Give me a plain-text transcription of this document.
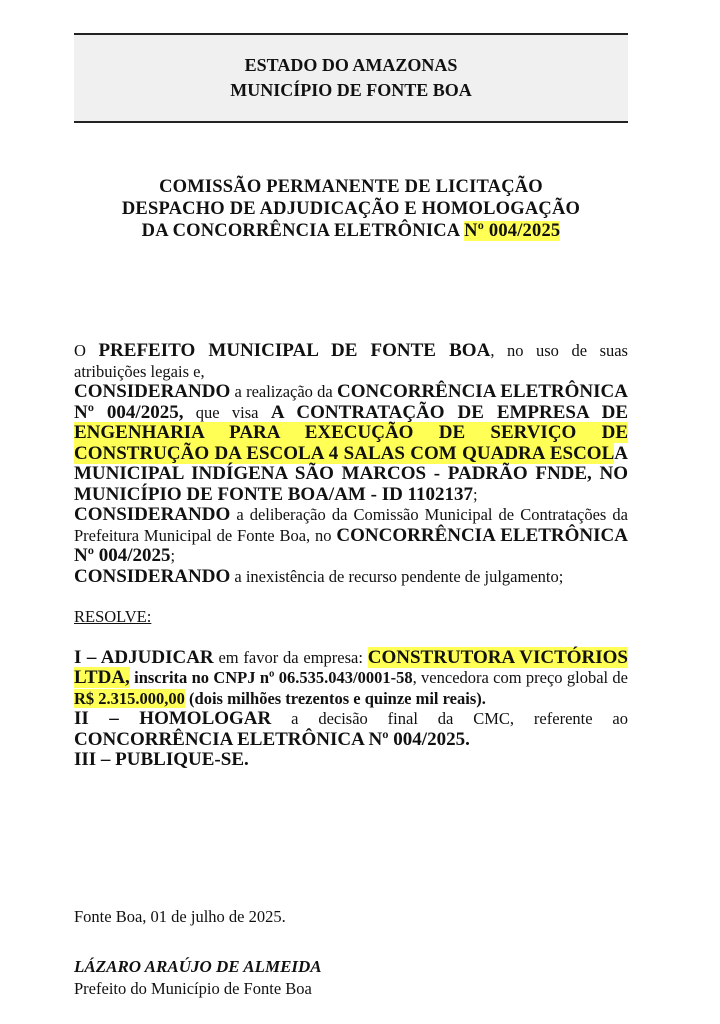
ESTADO DO AMAZONAS
MUNICÍPIO DE FONTE BOA
COMISSÃO PERMANENTE DE LICITAÇÃO
DESPACHO DE ADJUDICAÇÃO E HOMOLOGAÇÃO
DA CONCORRÊNCIA ELETRÔNICA Nº 004/2025

O PREFEITO MUNICIPAL DE FONTE BOA, no uso de suas atribuições legais e,

CONSIDERANDO a realização da CONCORRÊNCIA ELETRÔNICA Nº 004/2025, que visa A CONTRATAÇÃO DE EMPRESA DE ENGENHARIA PARA EXECUÇÃO DE SERVIÇO DE CONSTRUÇÃO DA ESCOLA 4 SALAS COM QUADRA ESCOLA MUNICIPAL INDÍGENA SÃO MARCOS - PADRÃO FNDE, NO MUNICÍPIO DE FONTE BOA/AM - ID 1102137;

CONSIDERANDO a deliberação da Comissão Municipal de Contratações da Prefeitura Municipal de Fonte Boa, no CONCORRÊNCIA ELETRÔNICA Nº 004/2025;

CONSIDERANDO a inexistência de recurso pendente de julgamento;

RESOLVE:

I – ADJUDICAR em favor da empresa: CONSTRUTORA VICTÓRIOS LTDA, inscrita no CNPJ nº 06.535.043/0001-58, vencedora com preço global de R$ 2.315.000,00 (dois milhões trezentos e quinze mil reais).

II – HOMOLOGAR a decisão final da CMC, referente ao CONCORRÊNCIA ELETRÔNICA Nº 004/2025.

III – PUBLIQUE-SE.

Fonte Boa, 01 de julho de 2025.
LÁZARO ARAÚJO DE ALMEIDA
Prefeito do Município de Fonte Boa
